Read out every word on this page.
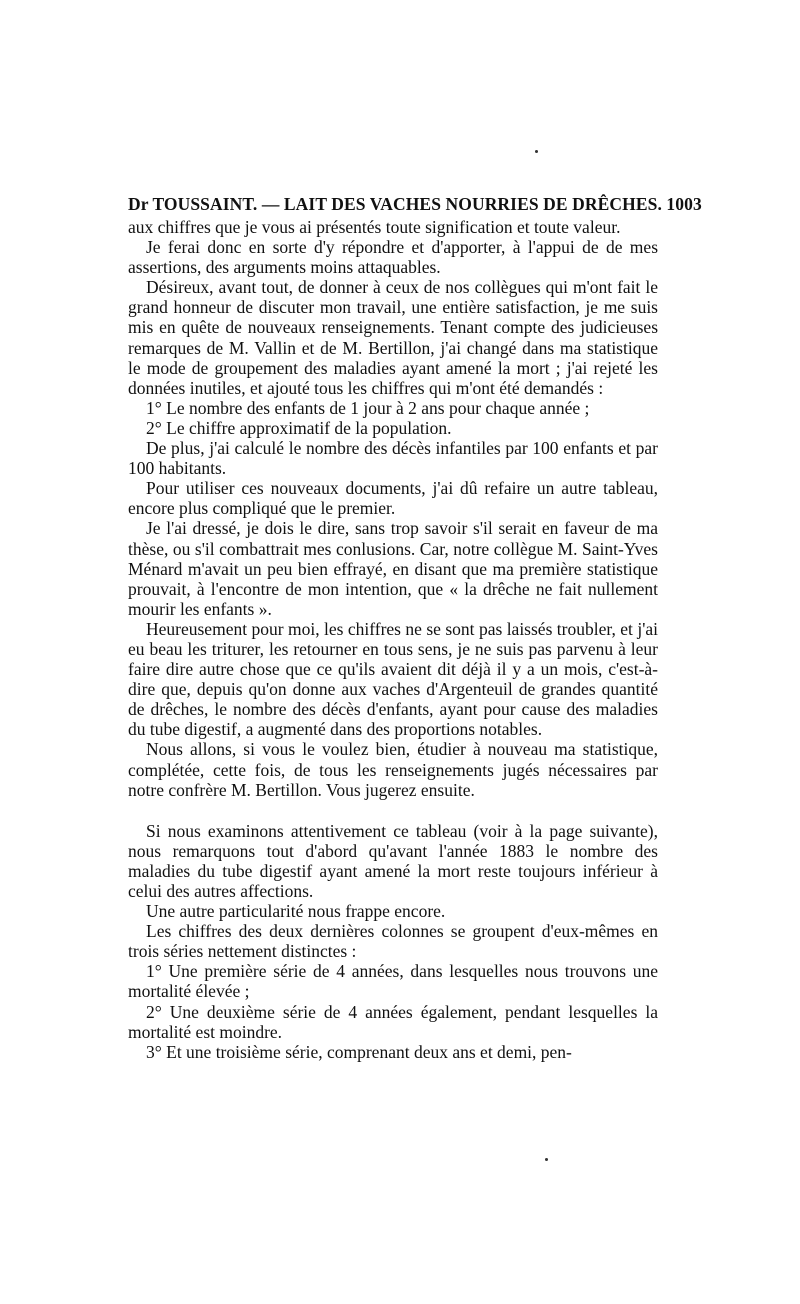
Dr TOUSSAINT. — LAIT DES VACHES NOURRIES DE DRÊCHES. 1003

aux chiffres que je vous ai présentés toute signification et toute valeur.

Je ferai donc en sorte d'y répondre et d'apporter, à l'appui de de mes assertions, des arguments moins attaquables.

Désireux, avant tout, de donner à ceux de nos collègues qui m'ont fait le grand honneur de discuter mon travail, une entière satisfaction, je me suis mis en quête de nouveaux renseignements. Tenant compte des judicieuses remarques de M. Vallin et de M. Bertillon, j'ai changé dans ma statistique le mode de groupement des maladies ayant amené la mort ; j'ai rejeté les données inutiles, et ajouté tous les chiffres qui m'ont été demandés :

1° Le nombre des enfants de 1 jour à 2 ans pour chaque année ;

2° Le chiffre approximatif de la population.

De plus, j'ai calculé le nombre des décès infantiles par 100 enfants et par 100 habitants.

Pour utiliser ces nouveaux documents, j'ai dû refaire un autre tableau, encore plus compliqué que le premier.

Je l'ai dressé, je dois le dire, sans trop savoir s'il serait en faveur de ma thèse, ou s'il combattrait mes conlusions. Car, notre collègue M. Saint-Yves Ménard m'avait un peu bien effrayé, en disant que ma première statistique prouvait, à l'encontre de mon intention, que « la drêche ne fait nullement mourir les enfants ».

Heureusement pour moi, les chiffres ne se sont pas laissés troubler, et j'ai eu beau les triturer, les retourner en tous sens, je ne suis pas parvenu à leur faire dire autre chose que ce qu'ils avaient dit déjà il y a un mois, c'est-à-dire que, depuis qu'on donne aux vaches d'Argenteuil de grandes quantité de drêches, le nombre des décès d'enfants, ayant pour cause des maladies du tube digestif, a augmenté dans des proportions notables.

Nous allons, si vous le voulez bien, étudier à nouveau ma statistique, complétée, cette fois, de tous les renseignements jugés nécessaires par notre confrère M. Bertillon. Vous jugerez ensuite.

Si nous examinons attentivement ce tableau (voir à la page suivante), nous remarquons tout d'abord qu'avant l'année 1883 le nombre des maladies du tube digestif ayant amené la mort reste toujours inférieur à celui des autres affections.

Une autre particularité nous frappe encore.

Les chiffres des deux dernières colonnes se groupent d'eux-mêmes en trois séries nettement distinctes :

1° Une première série de 4 années, dans lesquelles nous trouvons une mortalité élevée ;

2° Une deuxième série de 4 années également, pendant lesquelles la mortalité est moindre.

3° Et une troisième série, comprenant deux ans et demi, pen-
